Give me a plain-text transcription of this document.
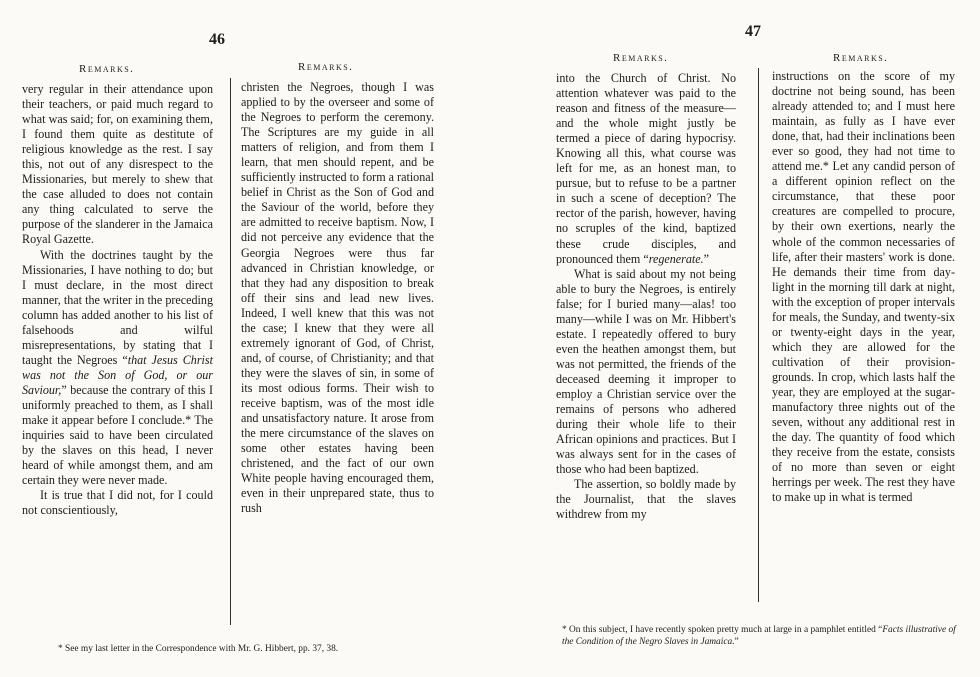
46
Remarks.	Remarks.

very regular in their attendance upon their teachers, or paid much regard to what was said; for, on examining them, I found them quite as destitute of religious knowledge as the rest. I say this, not out of any disrespect to the Missionaries, but merely to shew that the case alluded to does not contain any thing calculated to serve the purpose of the slanderer in the Jamaica Royal Gazette.

With the doctrines taught by the Missionaries, I have nothing to do; but I must declare, in the most direct manner, that the writer in the preceding column has added another to his list of falsehoods and wilful misrepresentations, by stating that I taught the Negroes “that Jesus Christ was not the Son of God, or our Saviour,” because the contrary of this I uniformly preached to them, as I shall make it appear before I conclude.* The inquiries said to have been circulated by the slaves on this head, I never heard of while amongst them, and am certain they were never made.

It is true that I did not, for I could not conscientiously,

christen the Negroes, though I was applied to by the overseer and some of the Negroes to perform the ceremony. The Scriptures are my guide in all matters of religion, and from them I learn, that men should repent, and be sufficiently instructed to form a rational belief in Christ as the Son of God and the Saviour of the world, before they are admitted to receive baptism. Now, I did not perceive any evidence that the Georgia Negroes were thus far advanced in Christian knowledge, or that they had any disposition to break off their sins and lead new lives. Indeed, I well knew that this was not the case; I knew that they were all extremely ignorant of God, of Christ, and, of course, of Christianity; and that they were the slaves of sin, in some of its most odious forms. Their wish to receive baptism, was of the most idle and unsatisfactory nature. It arose from the mere circumstance of the slaves on some other estates having been christened, and the fact of our own White people having encouraged them, even in their unprepared state, thus to rush

* See my last letter in the Correspondence with Mr. G. Hibbert, pp. 37, 38.
47
Remarks.	Remarks.

into the Church of Christ. No attention whatever was paid to the reason and fitness of the measure—and the whole might justly be termed a piece of daring hypocrisy. Knowing all this, what course was left for me, as an honest man, to pursue, but to refuse to be a partner in such a scene of deception? The rector of the parish, however, having no scruples of the kind, baptized these crude disciples, and pronounced them “regenerate.”

What is said about my not being able to bury the Negroes, is entirely false; for I buried many—alas! too many—while I was on Mr. Hibbert's estate. I repeatedly offered to bury even the heathen amongst them, but was not permitted, the friends of the deceased deeming it improper to employ a Christian service over the remains of persons who adhered during their whole life to their African opinions and practices. But I was always sent for in the cases of those who had been baptized.

The assertion, so boldly made by the Journalist, that the slaves withdrew from my

instructions on the score of my doctrine not being sound, has been already attended to; and I must here maintain, as fully as I have ever done, that, had their inclinations been ever so good, they had not time to attend me.* Let any candid person of a different opinion reflect on the circumstance, that these poor creatures are compelled to procure, by their own exertions, nearly the whole of the common necessaries of life, after their masters' work is done. He demands their time from day-light in the morning till dark at night, with the exception of proper intervals for meals, the Sunday, and twenty-six or twenty-eight days in the year, which they are allowed for the cultivation of their provision-grounds. In crop, which lasts half the year, they are employed at the sugar-manufactory three nights out of the seven, without any additional rest in the day. The quantity of food which they receive from the estate, consists of no more than seven or eight herrings per week. The rest they have to make up in what is termed

* On this subject, I have recently spoken pretty much at large in a pamphlet entitled “Facts illustrative of the Condition of the Negro Slaves in Jamaica.”
